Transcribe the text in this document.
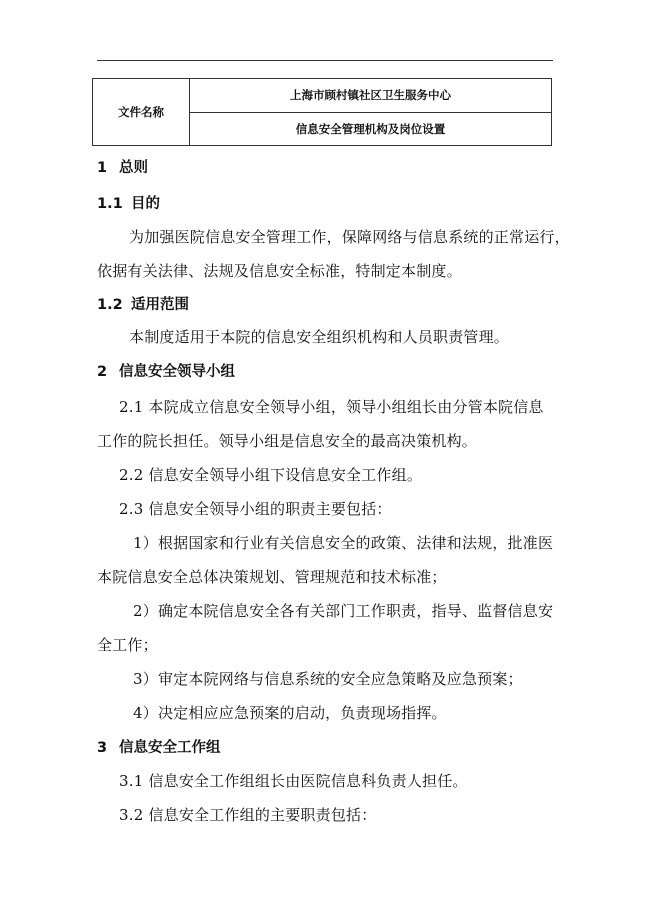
文件名称	上海市顾村镇社区卫生服务中心
信息安全管理机构及岗位设置
1 总则
1.1 目的
为加强医院信息安全管理工作，保障网络与信息系统的正常运行，
依据有关法律、法规及信息安全标准，特制定本制度。
1.2 适用范围
本制度适用于本院的信息安全组织机构和人员职责管理。
2 信息安全领导小组
2.1 本院成立信息安全领导小组，领导小组组长由分管本院信息
工作的院长担任。领导小组是信息安全的最高决策机构。
2.2 信息安全领导小组下设信息安全工作组。
2.3 信息安全领导小组的职责主要包括：
1）根据国家和行业有关信息安全的政策、法律和法规，批准医
本院信息安全总体决策规划、管理规范和技术标准；
2）确定本院信息安全各有关部门工作职责，指导、监督信息安
全工作；
3）审定本院网络与信息系统的安全应急策略及应急预案；
4）决定相应应急预案的启动，负责现场指挥。
3 信息安全工作组
3.1 信息安全工作组组长由医院信息科负责人担任。
3.2 信息安全工作组的主要职责包括：
